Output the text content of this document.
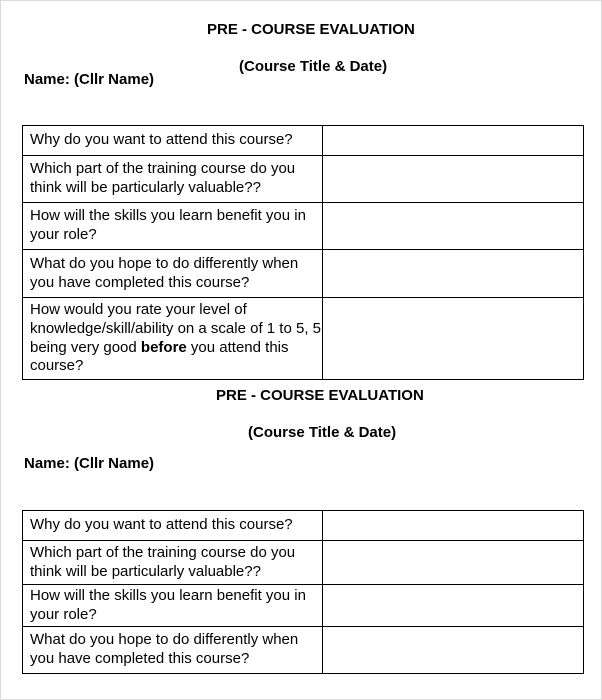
PRE - COURSE EVALUATION
(Course Title & Date)
Name: (Cllr Name)
Why do you want to attend this course?	
Which part of the training course do you think will be particularly valuable??	
How will the skills you learn benefit you in your role?	
What do you hope to do differently when you have completed this course?	
How would you rate your level of knowledge/skill/ability on a scale of 1 to 5, 5 being very good before you attend this course?	
PRE - COURSE EVALUATION
(Course Title & Date)
Name: (Cllr Name)
Why do you want to attend this course?	
Which part of the training course do you think will be particularly valuable??	
How will the skills you learn benefit you in your role?	
What do you hope to do differently when you have completed this course?	
